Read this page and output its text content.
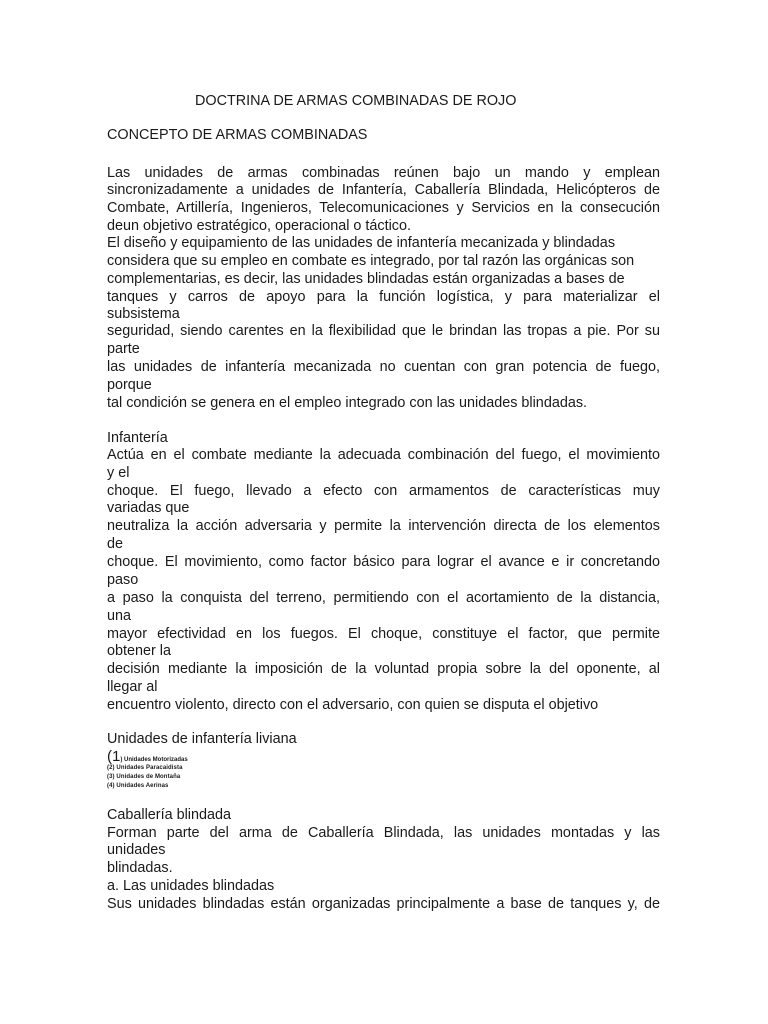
DOCTRINA DE ARMAS COMBINADAS DE ROJO
CONCEPTO DE ARMAS COMBINADAS
Las unidades de armas combinadas reúnen bajo un mando y emplean
sincronizadamente a unidades de Infantería, Caballería Blindada, Helicópteros de
Combate, Artillería, Ingenieros, Telecomunicaciones y Servicios en la consecución
deun objetivo estratégico, operacional o táctico.
El diseño y equipamiento de las unidades de infantería mecanizada y blindadas
considera que su empleo en combate es integrado, por tal razón las orgánicas son
complementarias, es decir, las unidades blindadas están organizadas a bases de
tanques y carros de apoyo para la función logística, y para materializar el
subsistema
seguridad, siendo carentes en la flexibilidad que le brindan las tropas a pie. Por su
parte
las unidades de infantería mecanizada no cuentan con gran potencia de fuego,
porque
tal condición se genera en el empleo integrado con las unidades blindadas.
Infantería
Actúa en el combate mediante la adecuada combinación del fuego, el movimiento
y el
choque. El fuego, llevado a efecto con armamentos de características muy
variadas que
neutraliza la acción adversaria y permite la intervención directa de los elementos
de
choque. El movimiento, como factor básico para lograr el avance e ir concretando
paso
a paso la conquista del terreno, permitiendo con el acortamiento de la distancia,
una
mayor efectividad en los fuegos. El choque, constituye el factor, que permite
obtener la
decisión mediante la imposición de la voluntad propia sobre la del oponente, al
llegar al
encuentro violento, directo con el adversario, con quien se disputa el objetivo
Unidades de infantería liviana
(1) Unidades Motorizadas
(2) Unidades Paracaidista
(3) Unidades de Montaña
(4) Unidades Aerinas
Caballería blindada
Forman parte del arma de Caballería Blindada, las unidades montadas y las
unidades
blindadas.
a. Las unidades blindadas
Sus unidades blindadas están organizadas principalmente a base de tanques y, de
